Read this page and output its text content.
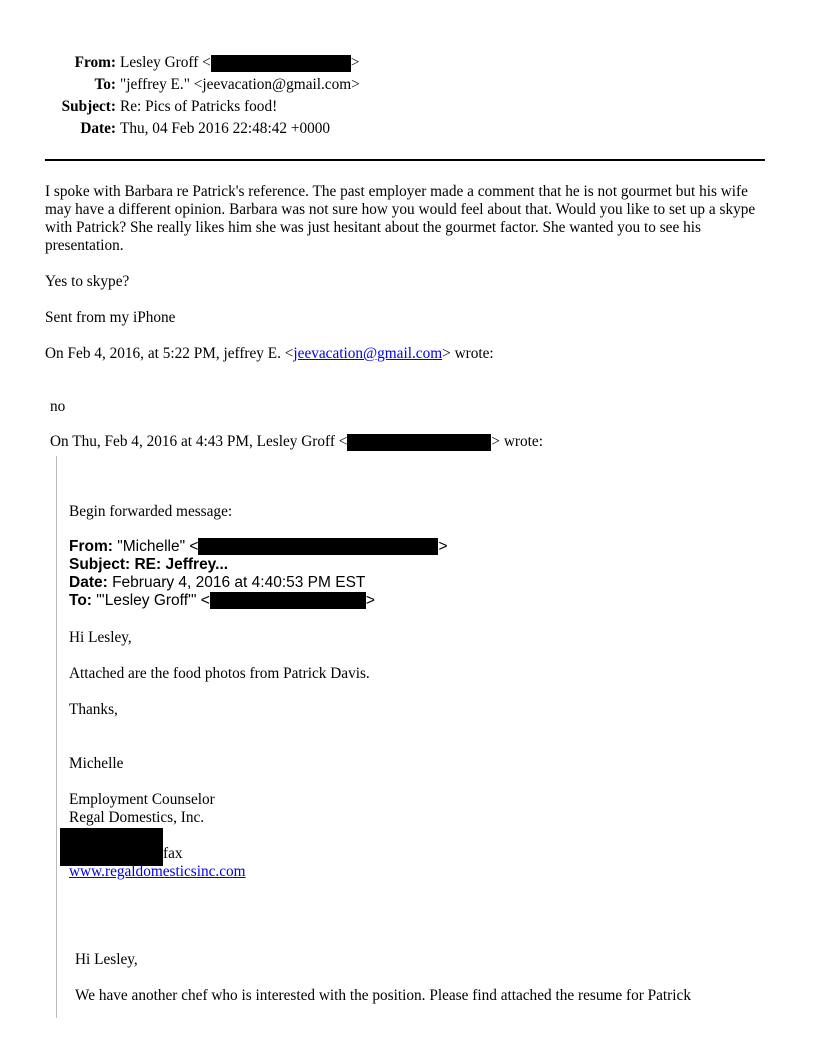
From: Lesley Groff <	>
To: "jeffrey E." <jeevacation@gmail.com>
Subject: Re: Pics of Patricks food!
Date: Thu, 04 Feb 2016 22:48:42 +0000

I spoke with Barbara re Patrick's reference. The past employer made a comment that he is not gourmet but his wife may have a different opinion. Barbara was not sure how you would feel about that. Would you like to set up a skype with Patrick? She really likes him she was just hesitant about the gourmet factor. She wanted you to see his presentation.

Yes to skype?

Sent from my iPhone

On Feb 4, 2016, at 5:22 PM, jeffrey E. <jeevacation@gmail.com> wrote:

no

On Thu, Feb 4, 2016 at 4:43 PM, Lesley Groff <	> wrote:

Begin forwarded message:

From: "Michelle" <	>
Subject: RE: Jeffrey...
Date: February 4, 2016 at 4:40:53 PM EST
To: "'Lesley Groff'" <	>

Hi Lesley,

Attached are the food photos from Patrick Davis.

Thanks,

Michelle

Employment Counselor

Regal Domestics, Inc.

fax

www.regaldomesticsinc.com

Hi Lesley,

We have another chef who is interested with the position. Please find attached the resume for Patrick
